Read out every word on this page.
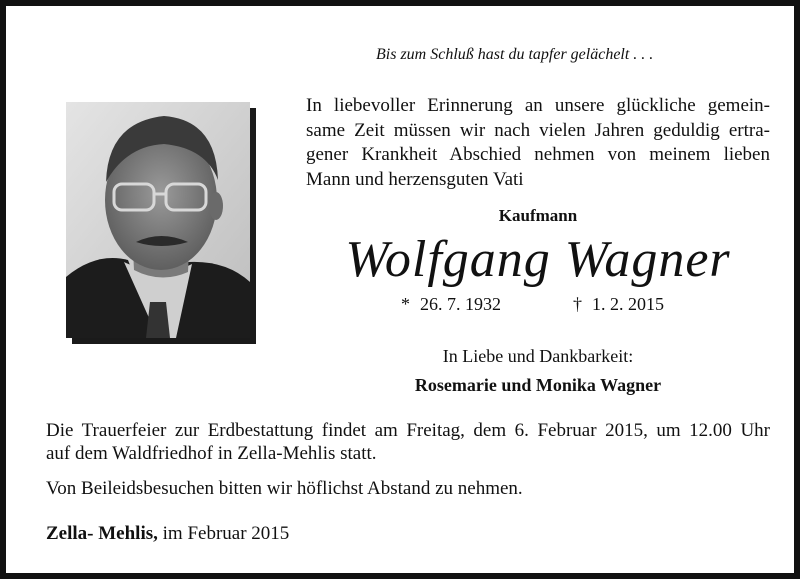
Bis zum Schluß hast du tapfer gelächelt . . .
In liebevoller Erinnerung an unsere glückliche gemein-
same Zeit müssen wir nach vielen Jahren geduldig ertra-
gener Krankheit Abschied nehmen von meinem lieben
Mann und herzensguten Vati
Kaufmann
Wolfgang Wagner
* 26. 7. 1932	† 1. 2. 2015
In Liebe und Dankbarkeit:
Rosemarie und Monika Wagner
Die Trauerfeier zur Erdbestattung findet am Freitag, dem 6. Februar 2015, um 12.00 Uhr
auf dem Waldfriedhof in Zella-Mehlis statt.
Von Beileidsbesuchen bitten wir höflichst Abstand zu nehmen.
Zella- Mehlis, im Februar 2015
